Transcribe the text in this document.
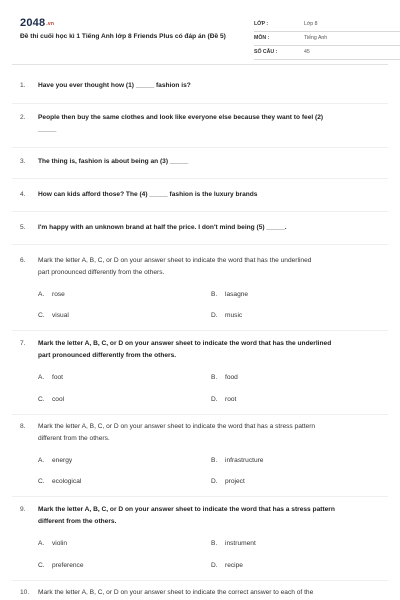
2048.vn
Đề thi cuối học kì 1 Tiếng Anh lớp 8 Friends Plus có đáp án (Đề 5)
LỚP :	Lớp 8
MÔN :	Tiếng Anh
SỐ CÂU :	45
1. Have you ever thought how (1) _____ fashion is?
2. People then buy the same clothes and look like everyone else because they want to feel (2)
_____
3. The thing is, fashion is about being an (3) _____
4. How can kids afford those? The (4) _____ fashion is the luxury brands
5. I'm happy with an unknown brand at half the price. I don't mind being (5) _____.
6. Mark the letter A, B, C, or D on your answer sheet to indicate the word that has the underlined
part pronounced differently from the others.
A. rose	B. lasagne
C. visual	D. music
7. Mark the letter A, B, C, or D on your answer sheet to indicate the word that has the underlined
part pronounced differently from the others.
A. foot	B. food
C. cool	D. root
8. Mark the letter A, B, C, or D on your answer sheet to indicate the word that has a stress pattern
different from the others.
A. energy	B. infrastructure
C. ecological	D. project
9. Mark the letter A, B, C, or D on your answer sheet to indicate the word that has a stress pattern
different from the others.
A. violin	B. instrument
C. preference	D. recipe
10. Mark the letter A, B, C, or D on your answer sheet to indicate the correct answer to each of the
